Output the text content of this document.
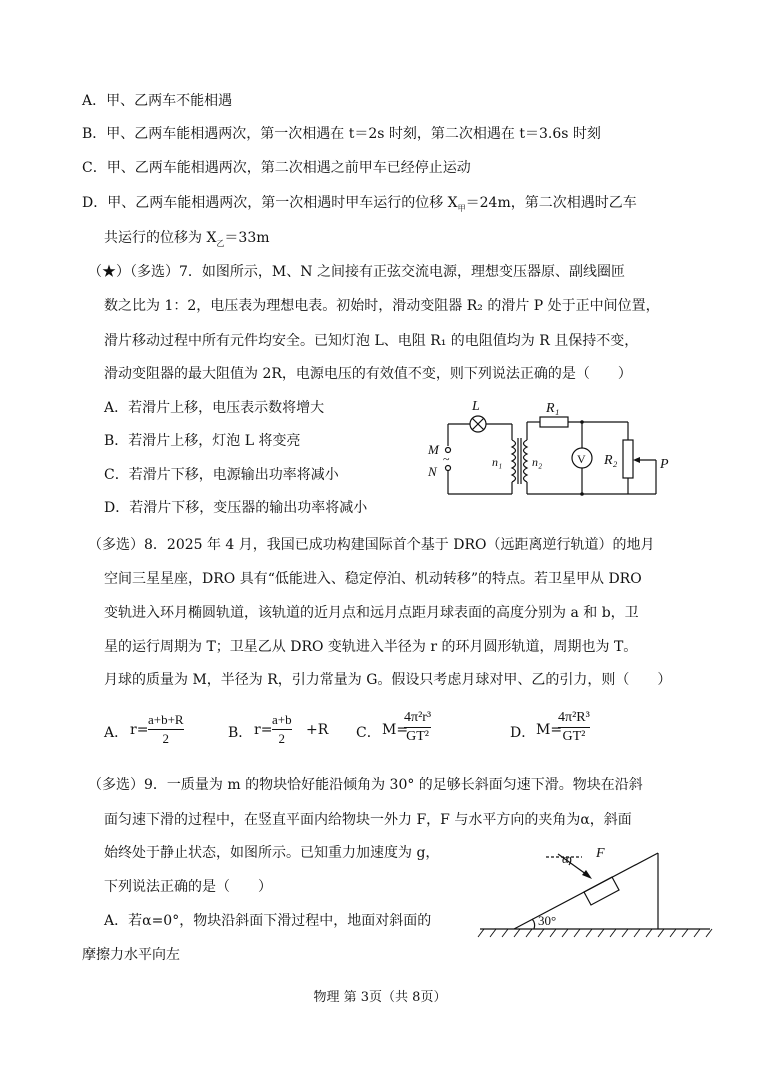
A．甲、乙两车不能相遇
B．甲、乙两车能相遇两次，第一次相遇在 t＝2s 时刻，第二次相遇在 t＝3.6s 时刻
C．甲、乙两车能相遇两次，第二次相遇之前甲车已经停止运动
D．甲、乙两车能相遇两次，第一次相遇时甲车运行的位移 $X_甲=24m$，第二次相遇时乙车
共运行的位移为 $X_乙=33m$
（★）（多选）7．如图所示，M、N 之间接有正弦交流电源，理想变压器原、副线圈匝
数之比为 1：2，电压表为理想电表。初始时，滑动变阻器 R₂ 的滑片 P 处于正中间位置，
滑片移动过程中所有元件均安全。已知灯泡 L、电阻 R₁ 的电阻值均为 R 且保持不变，
滑动变阻器的最大阻值为 2R，电源电压的有效值不变，则下列说法正确的是（　　）
A．若滑片上移，电压表示数将增大
B．若滑片上移，灯泡 L 将变亮
C．若滑片下移，电源输出功率将减小
D．若滑片下移，变压器的输出功率将减小
L	R₁
M
~
N
n₁ n₂	V R₂	P
（多选）8．2025 年 4 月，我国已成功构建国际首个基于 DRO（远距离逆行轨道）的地月
空间三星星座，DRO 具有“低能进入、稳定停泊、机动转移”的特点。若卫星甲从 DRO
变轨进入环月椭圆轨道，该轨道的近月点和远月点距月球表面的高度分别为 a 和 b，卫
星的运行周期为 T；卫星乙从 DRO 变轨进入半径为 r 的环月圆形轨道，周期也为 T。
月球的质量为 M，半径为 R，引力常量为 G。假设只考虑月球对甲、乙的引力，则（　　）
A． r=
a+b+R
2	B． r=
a+b
2
+R C． M=
4π²r³
GT²	D． M=
4π²R³
GT²
（多选）9．一质量为 m 的物块恰好能沿倾角为 30° 的足够长斜面匀速下滑。物块在沿斜
面匀速下滑的过程中，在竖直平面内给物块一外力 F，F 与水平方向的夹角为α，斜面
始终处于静止状态，如图所示。已知重力加速度为 g，
下列说法正确的是（　　）
A．若α=0°，物块沿斜面下滑过程中，地面对斜面的
摩擦力水平向左
α F
30°
物理 第 3页（共 8页）
